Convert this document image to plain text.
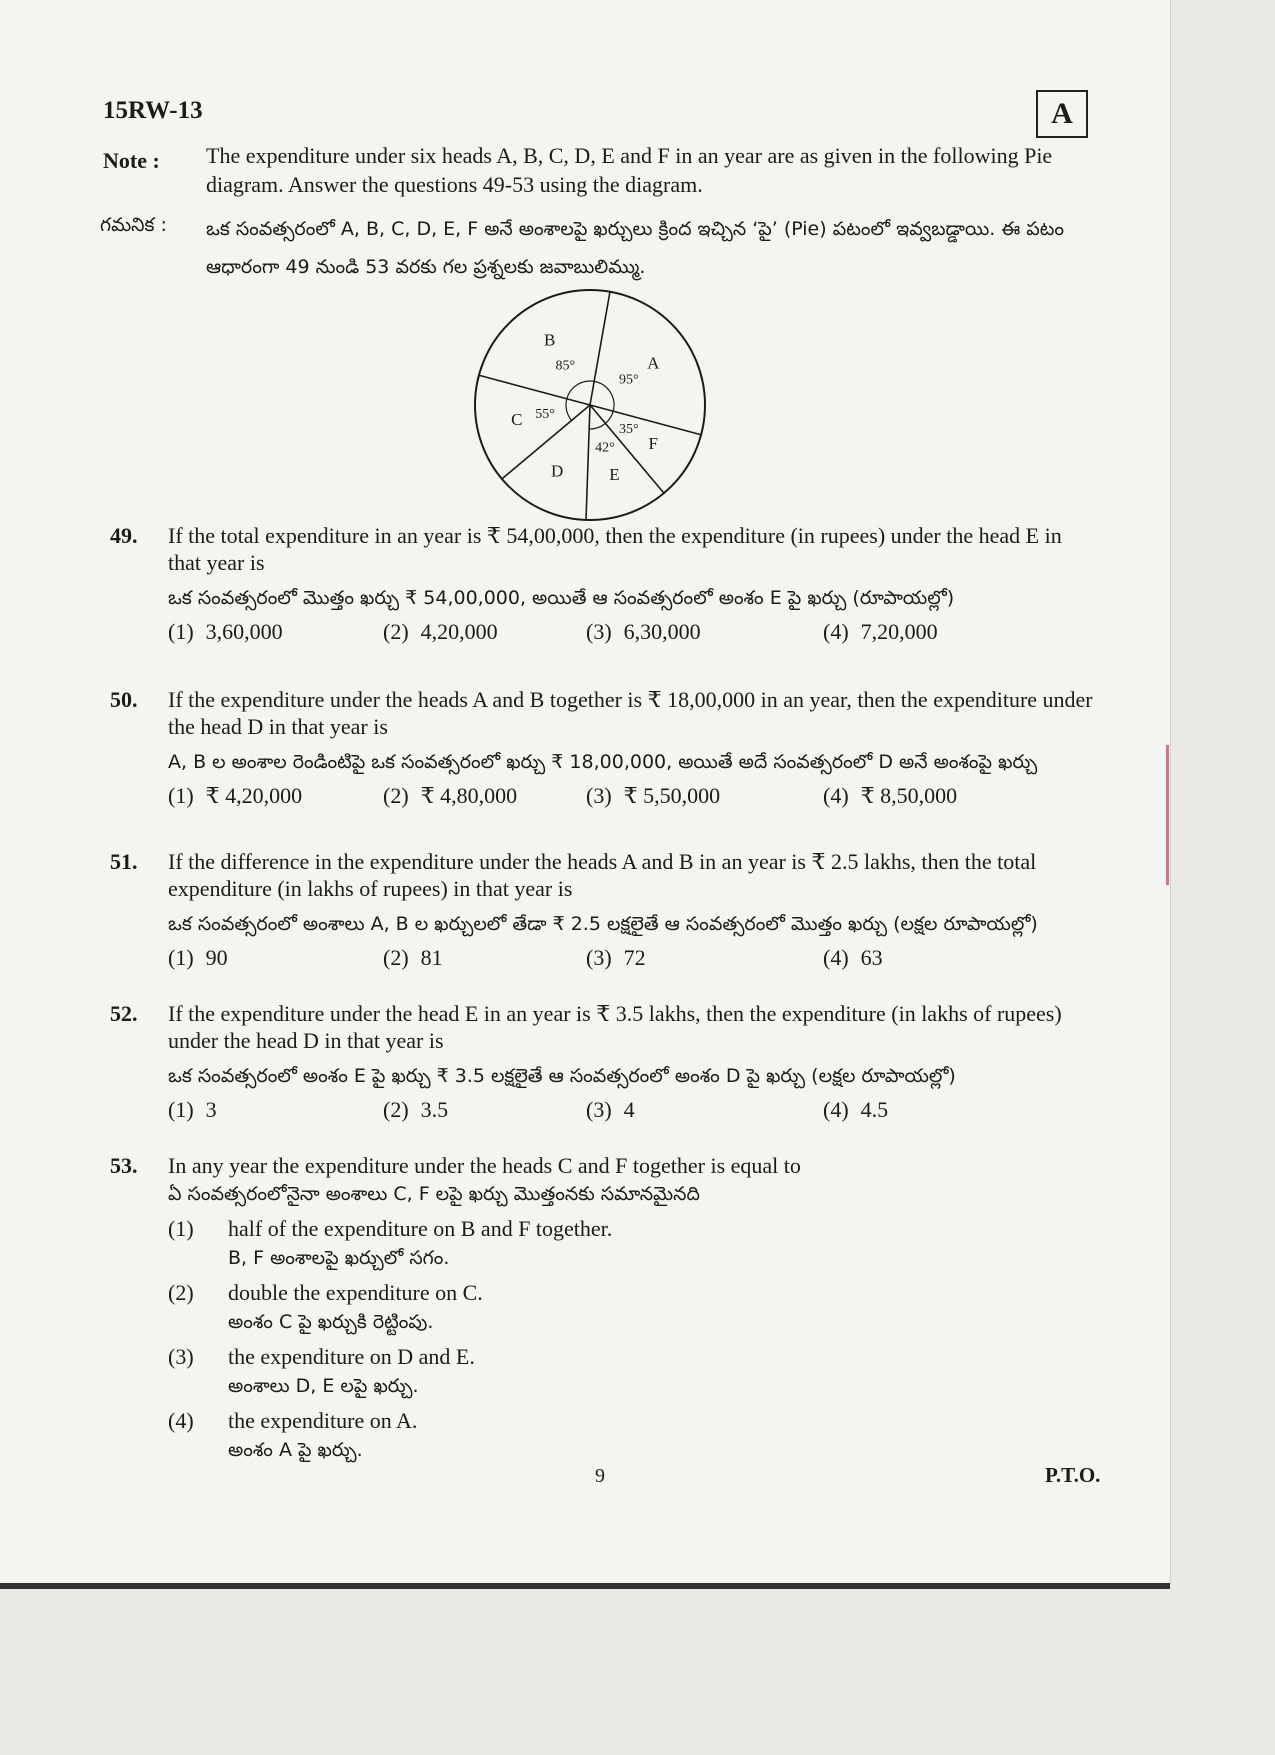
15RW-13	A
Note : The expenditure under six heads A, B, C, D, E and F in an year are as given in the following Pie diagram. Answer the questions 49-53 using the diagram.
గమనిక : ఒక సంవత్సరంలో A, B, C, D, E, F అనే అంశాలపై ఖర్చులు క్రింద ఇచ్చిన ‘పై’ (Pie) పటంలో ఇవ్వబడ్డాయి. ఈ పటం ఆధారంగా 49 నుండి 53 వరకు గల ప్రశ్నలకు జవాబులిమ్ము.
A
95°
F
35°
E
42°
D
C 55°
B
85°
49. If the total expenditure in an year is ₹ 54,00,000, then the expenditure (in rupees) under the head E in that year is
ఒక సంవత్సరంలో మొత్తం ఖర్చు ₹ 54,00,000, అయితే ఆ సంవత్సరంలో అంశం E పై ఖర్చు (రూపాయల్లో)
(1) 3,60,000	(2) 4,20,000	(3) 6,30,000	(4) 7,20,000
50. If the expenditure under the heads A and B together is ₹ 18,00,000 in an year, then the expenditure under the head D in that year is
A, B ల అంశాల రెండింటిపై ఒక సంవత్సరంలో ఖర్చు ₹ 18,00,000, అయితే అదే సంవత్సరంలో D అనే అంశంపై ఖర్చు
(1) ₹ 4,20,000	(2) ₹ 4,80,000	(3) ₹ 5,50,000	(4) ₹ 8,50,000
51. If the difference in the expenditure under the heads A and B in an year is ₹ 2.5 lakhs, then the total expenditure (in lakhs of rupees) in that year is
ఒక సంవత్సరంలో అంశాలు A, B ల ఖర్చులలో తేడా ₹ 2.5 లక్షలైతే ఆ సంవత్సరంలో మొత్తం ఖర్చు (లక్షల రూపాయల్లో)
(1) 90	(2) 81	(3) 72	(4) 63
52. If the expenditure under the head E in an year is ₹ 3.5 lakhs, then the expenditure (in lakhs of rupees) under the head D in that year is
ఒక సంవత్సరంలో అంశం E పై ఖర్చు ₹ 3.5 లక్షలైతే ఆ సంవత్సరంలో అంశం D పై ఖర్చు (లక్షల రూపాయల్లో)
(1) 3	(2) 3.5	(3) 4	(4) 4.5
53. In any year the expenditure under the heads C and F together is equal to
ఏ సంవత్సరంలోనైనా అంశాలు C, F లపై ఖర్చు మొత్తంనకు సమానమైనది
(1) half of the expenditure on B and F together.
B, F అంశాలపై ఖర్చులో సగం.
(2) double the expenditure on C.
అంశం C పై ఖర్చుకి రెట్టింపు.
(3) the expenditure on D and E.
అంశాలు D, E లపై ఖర్చు.
(4) the expenditure on A.
అంశం A పై ఖర్చు.
9	P.T.O.
